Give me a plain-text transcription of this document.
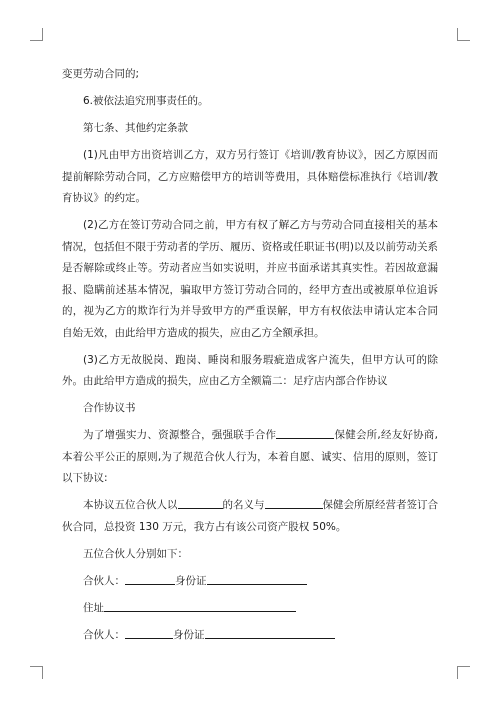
变更劳动合同的;

6.被依法追究刑事责任的。

第七条、其他约定条款

(1)凡由甲方出资培训乙方，双方另行签订《培训/教育协议》，因乙方原因而提前解除劳动合同，乙方应赔偿甲方的培训等费用，具体赔偿标准执行《培训/教育协议》的约定。

(2)乙方在签订劳动合同之前，甲方有权了解乙方与劳动合同直接相关的基本情况，包括但不限于劳动者的学历、履历、资格或任职证书(明)以及以前劳动关系是否解除或终止等。劳动者应当如实说明，并应书面承诺其真实性。若因故意漏报、隐瞒前述基本情况，骗取甲方签订劳动合同的，经甲方查出或被原单位追诉的，视为乙方的欺诈行为并导致甲方的严重误解，甲方有权依法申请认定本合同自始无效，由此给甲方造成的损失，应由乙方全额承担。

(3)乙方无故脱岗、跑岗、睡岗和服务瑕疵造成客户流失，但甲方认可的除外。由此给甲方造成的损失，应由乙方全额篇二：足疗店内部合作协议

合作协议书

为了增强实力、资源整合，强强联手合作	保健会所,经友好协商,本着公平公正的原则,为了规范合伙人行为，本着自愿、诚实、信用的原则，签订以下协议:

本协议五位合伙人以	的名义与	保健会所原经营者签订合 伙合同，总投资 130 万元，我方占有该公司资产股权 50%。

五位合伙人分别如下：

合伙人：	身份证

住址

合伙人：	身份证
